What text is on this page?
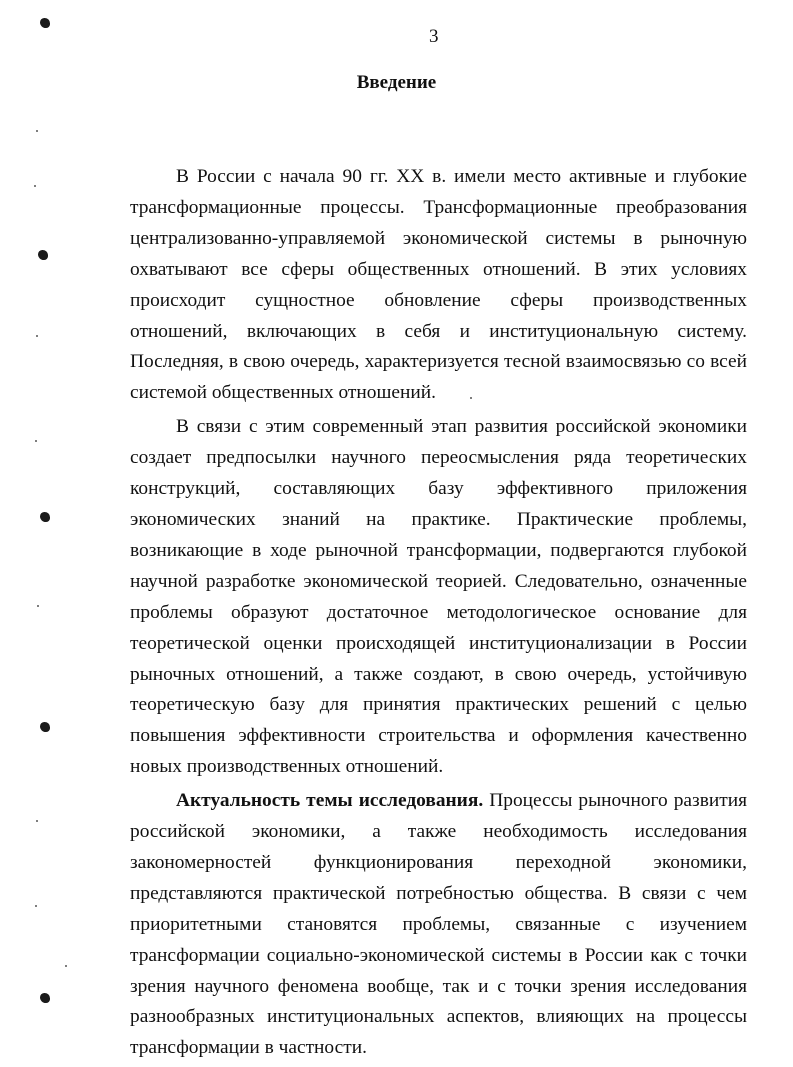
3
Введение

В России с начала 90 гг. XX в. имели место активные и глубокие трансформационные процессы. Трансформационные преобразования централизованно-управляемой экономической системы в рыночную охватывают все сферы общественных отношений. В этих условиях происходит сущностное обновление сферы производственных отношений, включающих в себя и институциональную систему. Последняя, в свою очередь, характеризуется тесной взаимосвязью со всей системой общественных отношений.

В связи с этим современный этап развития российской экономики создает предпосылки научного переосмысления ряда теоретических конструкций, составляющих базу эффективного приложения экономических знаний на практике. Практические проблемы, возникающие в ходе рыночной трансформации, подвергаются глубокой научной разработке экономической теорией. Следовательно, означенные проблемы образуют достаточное методологическое основание для теоретической оценки происходящей институционализации в России рыночных отношений, а также создают, в свою очередь, устойчивую теоретическую базу для принятия практических решений с целью повышения эффективности строительства и оформления качественно новых производственных отношений.

Актуальность темы исследования. Процессы рыночного развития российской экономики, а также необходимость исследования закономерностей функционирования переходной экономики, представляются практической потребностью общества. В связи с чем приоритетными становятся проблемы, связанные с изучением трансформации социально-экономической системы в России как с точки зрения научного феномена вообще, так и с точки зрения исследования разнообразных институциональных аспектов, влияющих на процессы трансформации в частности.
